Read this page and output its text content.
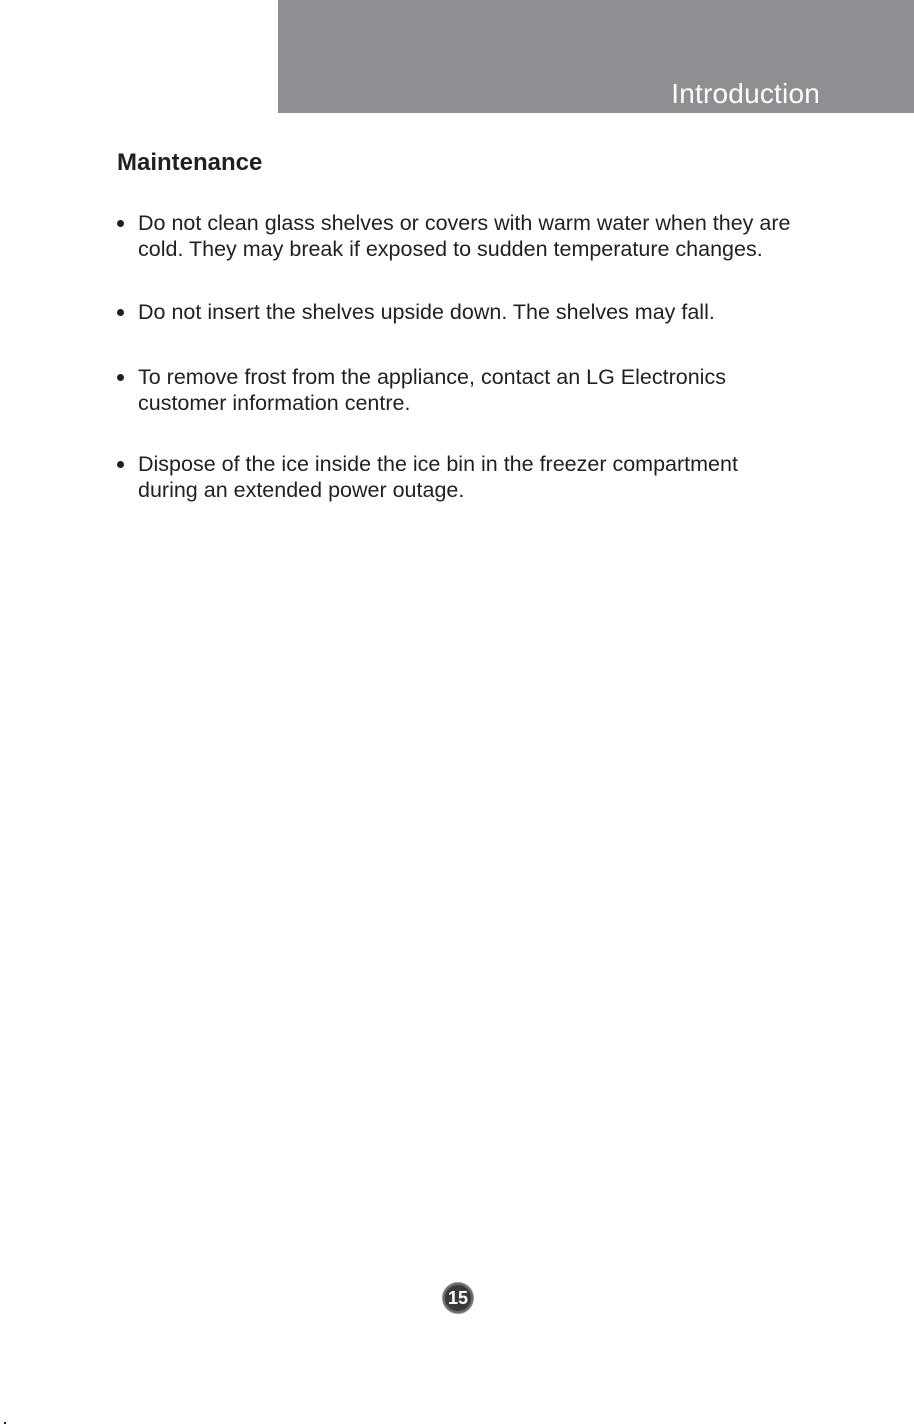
Introduction
Maintenance
Do not clean glass shelves or covers with warm water when they are
cold. They may break if exposed to sudden temperature changes.
Do not insert the shelves upside down. The shelves may fall.
To remove frost from the appliance, contact an LG Electronics
customer information centre.
Dispose of the ice inside the ice bin in the freezer compartment
during an extended power outage.
15
